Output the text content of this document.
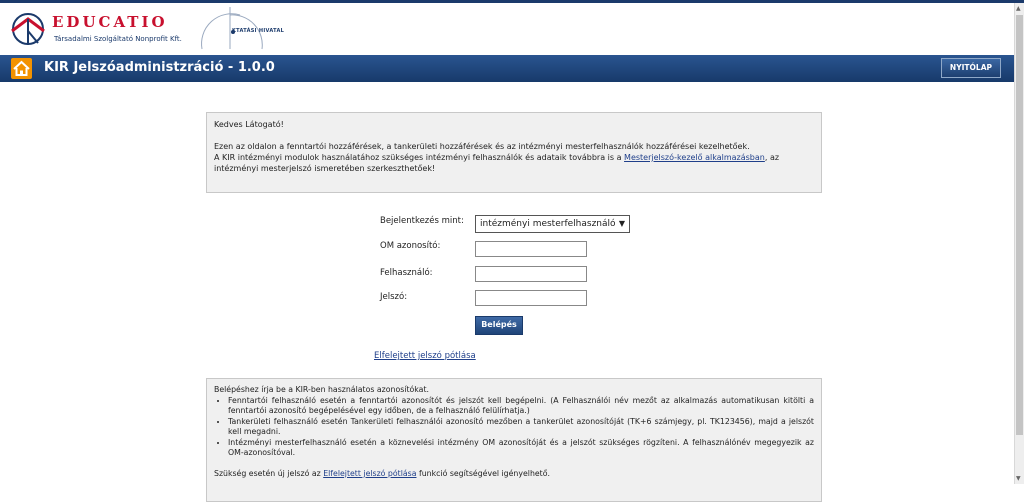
EDUCATIO
Társadalmi Szolgáltató Nonprofit Kft.
KTATÁSI HIVATAL
KIR Jelszóadministzráció - 1.0.0	NYITÓLAP
▲
▼

Kedves Látogató!

Ezen az oldalon a fenntartói hozzáférések, a tankerületi hozzáférések és az intézményi mesterfelhasználók hozzáférései kezelhetőek.

A KIR intézményi modulok használatához szükséges intézményi felhasználók és adataik továbbra is a Mesterjelszó-kezelő alkalmazásban, az intézményi mesterjelszó ismeretében szerkeszthetőek!

Bejelentkezés mint:	intézményi mesterfelhasználó ▼
OM azonosító:
Felhasználó:
Jelszó:
Belépés
Elfelejtett jelszó pótlása

Belépéshez írja be a KIR-ben használatos azonosítókat.

• Fenntartói felhasználó esetén a fenntartói azonosítót és jelszót kell begépelni. (A Felhasználói név mezőt az alkalmazás automatikusan kitölti a fenntartói azonosító begépelésével egy időben, de a felhasználó felülírhatja.)
• Tankerületi felhasználó esetén Tankerületi felhasználói azonosító mezőben a tankerület azonosítóját (TK+6 számjegy, pl. TK123456), majd a jelszót kell megadni.
• Intézményi mesterfelhasználó esetén a köznevelési intézmény OM azonosítóját és a jelszót szükséges rögzíteni. A felhasználónév megegyezik az OM-azonosítóval.

Szükség esetén új jelszó az Elfelejtett jelszó pótlása funkció segítségével igényelhető.
